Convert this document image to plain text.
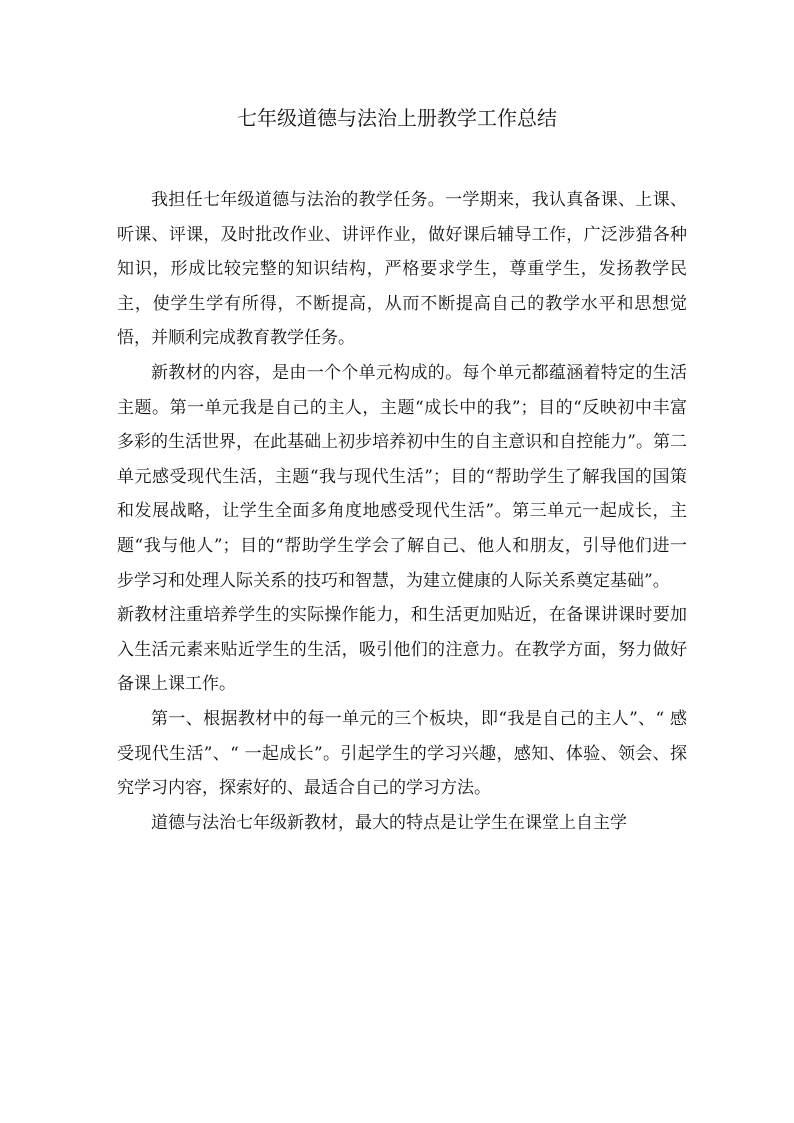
七年级道德与法治上册教学工作总结

我担任七年级道德与法治的教学任务。一学期来，我认真备课、上课、听课、评课，及时批改作业、讲评作业，做好课后辅导工作，广泛涉猎各种知识，形成比较完整的知识结构，严格要求学生，尊重学生，发扬教学民主，使学生学有所得，不断提高，从而不断提高自己的教学水平和思想觉悟，并顺利完成教育教学任务。

新教材的内容，是由一个个单元构成的。每个单元都蕴涵着特定的生活主题。第一单元我是自己的主人，主题“成长中的我”；目的“反映初中丰富多彩的生活世界，在此基础上初步培养初中生的自主意识和自控能力”。第二单元感受现代生活，主题“我与现代生活”；目的“帮助学生了解我国的国策和发展战略，让学生全面多角度地感受现代生活”。第三单元一起成长，主题“我与他人”；目的“帮助学生学会了解自己、他人和朋友，引导他们进一步学习和处理人际关系的技巧和智慧，为建立健康的人际关系奠定基础”。

新教材注重培养学生的实际操作能力，和生活更加贴近，在备课讲课时要加入生活元素来贴近学生的生活，吸引他们的注意力。在教学方面，努力做好备课上课工作。

第一、根据教材中的每一单元的三个板块，即“我是自己的主人”、“ 感受现代生活”、“ 一起成长”。引起学生的学习兴趣，感知、体验、领会、探究学习内容，探索好的、最适合自己的学习方法。

道德与法治七年级新教材，最大的特点是让学生在课堂上自主学
